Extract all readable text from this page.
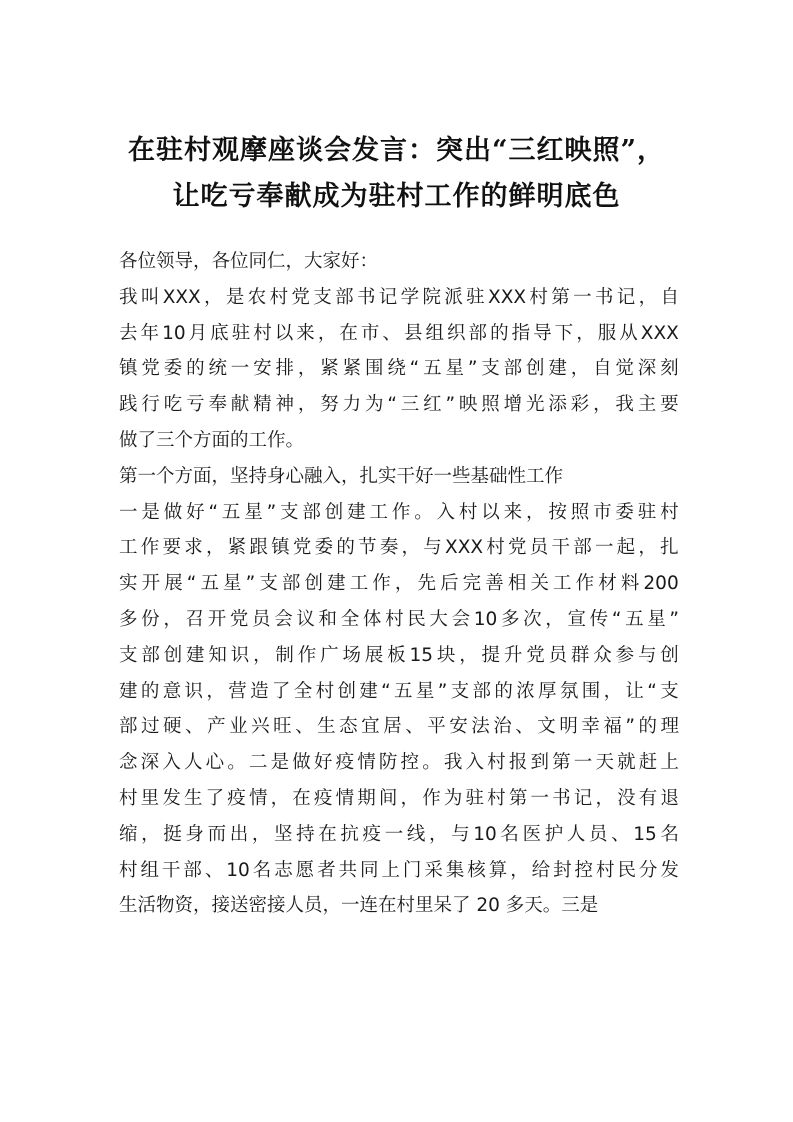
在驻村观摩座谈会发言：突出“三红映照”，
让吃亏奉献成为驻村工作的鲜明底色
各位领导，各位同仁，大家好：
我 叫 XXX ， 是 农 村 党 支 部 书 记 学 院 派 驻 XXX 村 第 一 书 记 ， 自
去 年 10 月 底 驻 村 以 来 ， 在 市 、 县 组 织 部 的 指 导 下 ， 服 从 XXX
镇 党 委 的 统 一 安 排 ， 紧 紧 围 绕 “ 五 星 ” 支 部 创 建 ， 自 觉 深 刻
践 行 吃 亏 奉 献 精 神 ， 努 力 为 “ 三 红 ” 映 照 增 光 添 彩 ， 我 主 要
做了三个方面的工作。
第一个方面，坚持身心融入，扎实干好一些基础性工作
一 是 做 好 “ 五 星 ” 支 部 创 建 工 作 。 入 村 以 来 ， 按 照 市 委 驻 村
工 作 要 求 ， 紧 跟 镇 党 委 的 节 奏 ， 与 XXX 村 党 员 干 部 一 起 ， 扎
实 开 展 “ 五 星 ” 支 部 创 建 工 作 ， 先 后 完 善 相 关 工 作 材 料 200
多 份 ， 召 开 党 员 会 议 和 全 体 村 民 大 会 10 多 次 ， 宣 传 “ 五 星 ”
支 部 创 建 知 识 ， 制 作 广 场 展 板 15 块 ， 提 升 党 员 群 众 参 与 创
建 的 意 识 ， 营 造 了 全 村 创 建 “ 五 星 ” 支 部 的 浓 厚 氛 围 ， 让 “ 支
部 过 硬 、 产 业 兴 旺 、 生 态 宜 居 、 平 安 法 治 、 文 明 幸 福 ” 的 理
念 深 入 人 心 。 二 是 做 好 疫 情 防 控 。 我 入 村 报 到 第 一 天 就 赶 上
村 里 发 生 了 疫 情 ， 在 疫 情 期 间 ， 作 为 驻 村 第 一 书 记 ， 没 有 退
缩 ， 挺 身 而 出 ， 坚 持 在 抗 疫 一 线 ， 与 10 名 医 护 人 员 、 15 名
村 组 干 部 、 10 名 志 愿 者 共 同 上 门 采 集 核 算 ， 给 封 控 村 民 分 发
生活物资，接送密接人员，一连在村里呆了 20 多天。三是
